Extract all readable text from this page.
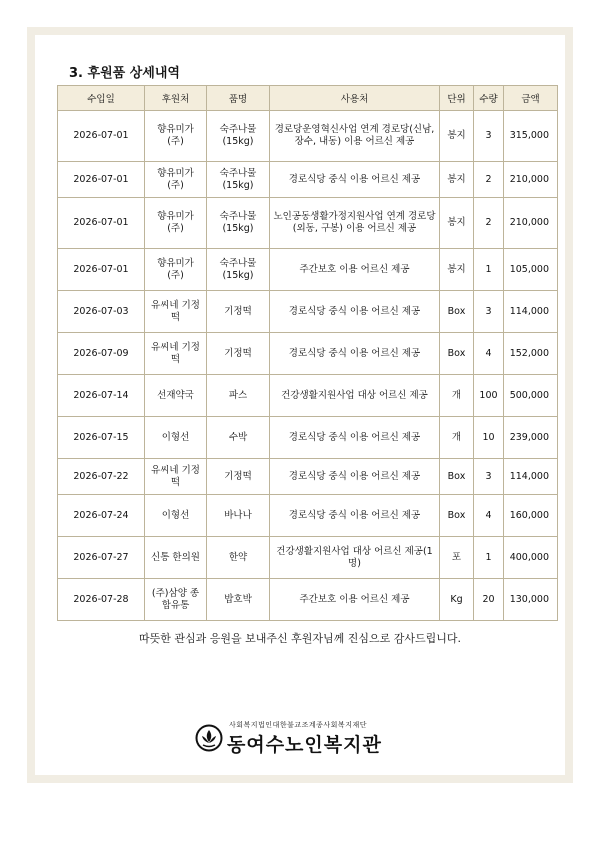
3. 후원품 상세내역
수입일	후원처	품명	사용처	단위	수량	금액
2026-07-01	향유미가 (주)	숙주나물 (15kg)	경로당운영혁신사업 연계 경로당(신남, 장수, 내동) 이용 어르신 제공	봉지	3	315,000
2026-07-01	향유미가 (주)	숙주나물 (15kg)	경로식당 중식 이용 어르신 제공	봉지	2	210,000
2026-07-01	향유미가 (주)	숙주나물 (15kg)	노인공동생활가정지원사업 연계 경로당(외동, 구봉) 이용 어르신 제공	봉지	2	210,000
2026-07-01	향유미가 (주)	숙주나물 (15kg)	주간보호 이용 어르신 제공	봉지	1	105,000
2026-07-03	유씨네 기정떡	기정떡	경로식당 중식 이용 어르신 제공	Box	3	114,000
2026-07-09	유씨네 기정떡	기정떡	경로식당 중식 이용 어르신 제공	Box	4	152,000
2026-07-14	선재약국	파스	건강생활지원사업 대상 어르신 제공	개	100	500,000
2026-07-15	이형선	수박	경로식당 중식 이용 어르신 제공	개	10	239,000
2026-07-22	유씨네 기정떡	기정떡	경로식당 중식 이용 어르신 제공	Box	3	114,000
2026-07-24	이형선	바나나	경로식당 중식 이용 어르신 제공	Box	4	160,000
2026-07-27	신통 한의원	한약	건강생활지원사업 대상 어르신 제공(1명)	포	1	400,000
2026-07-28	(주)삼양 종합유통	밥호박	주간보호 이용 어르신 제공	Kg	20	130,000
따뜻한 관심과 응원을 보내주신 후원자님께 진심으로 감사드립니다.
사회복지법인대한불교조계종사회복지재단
동여수노인복지관
